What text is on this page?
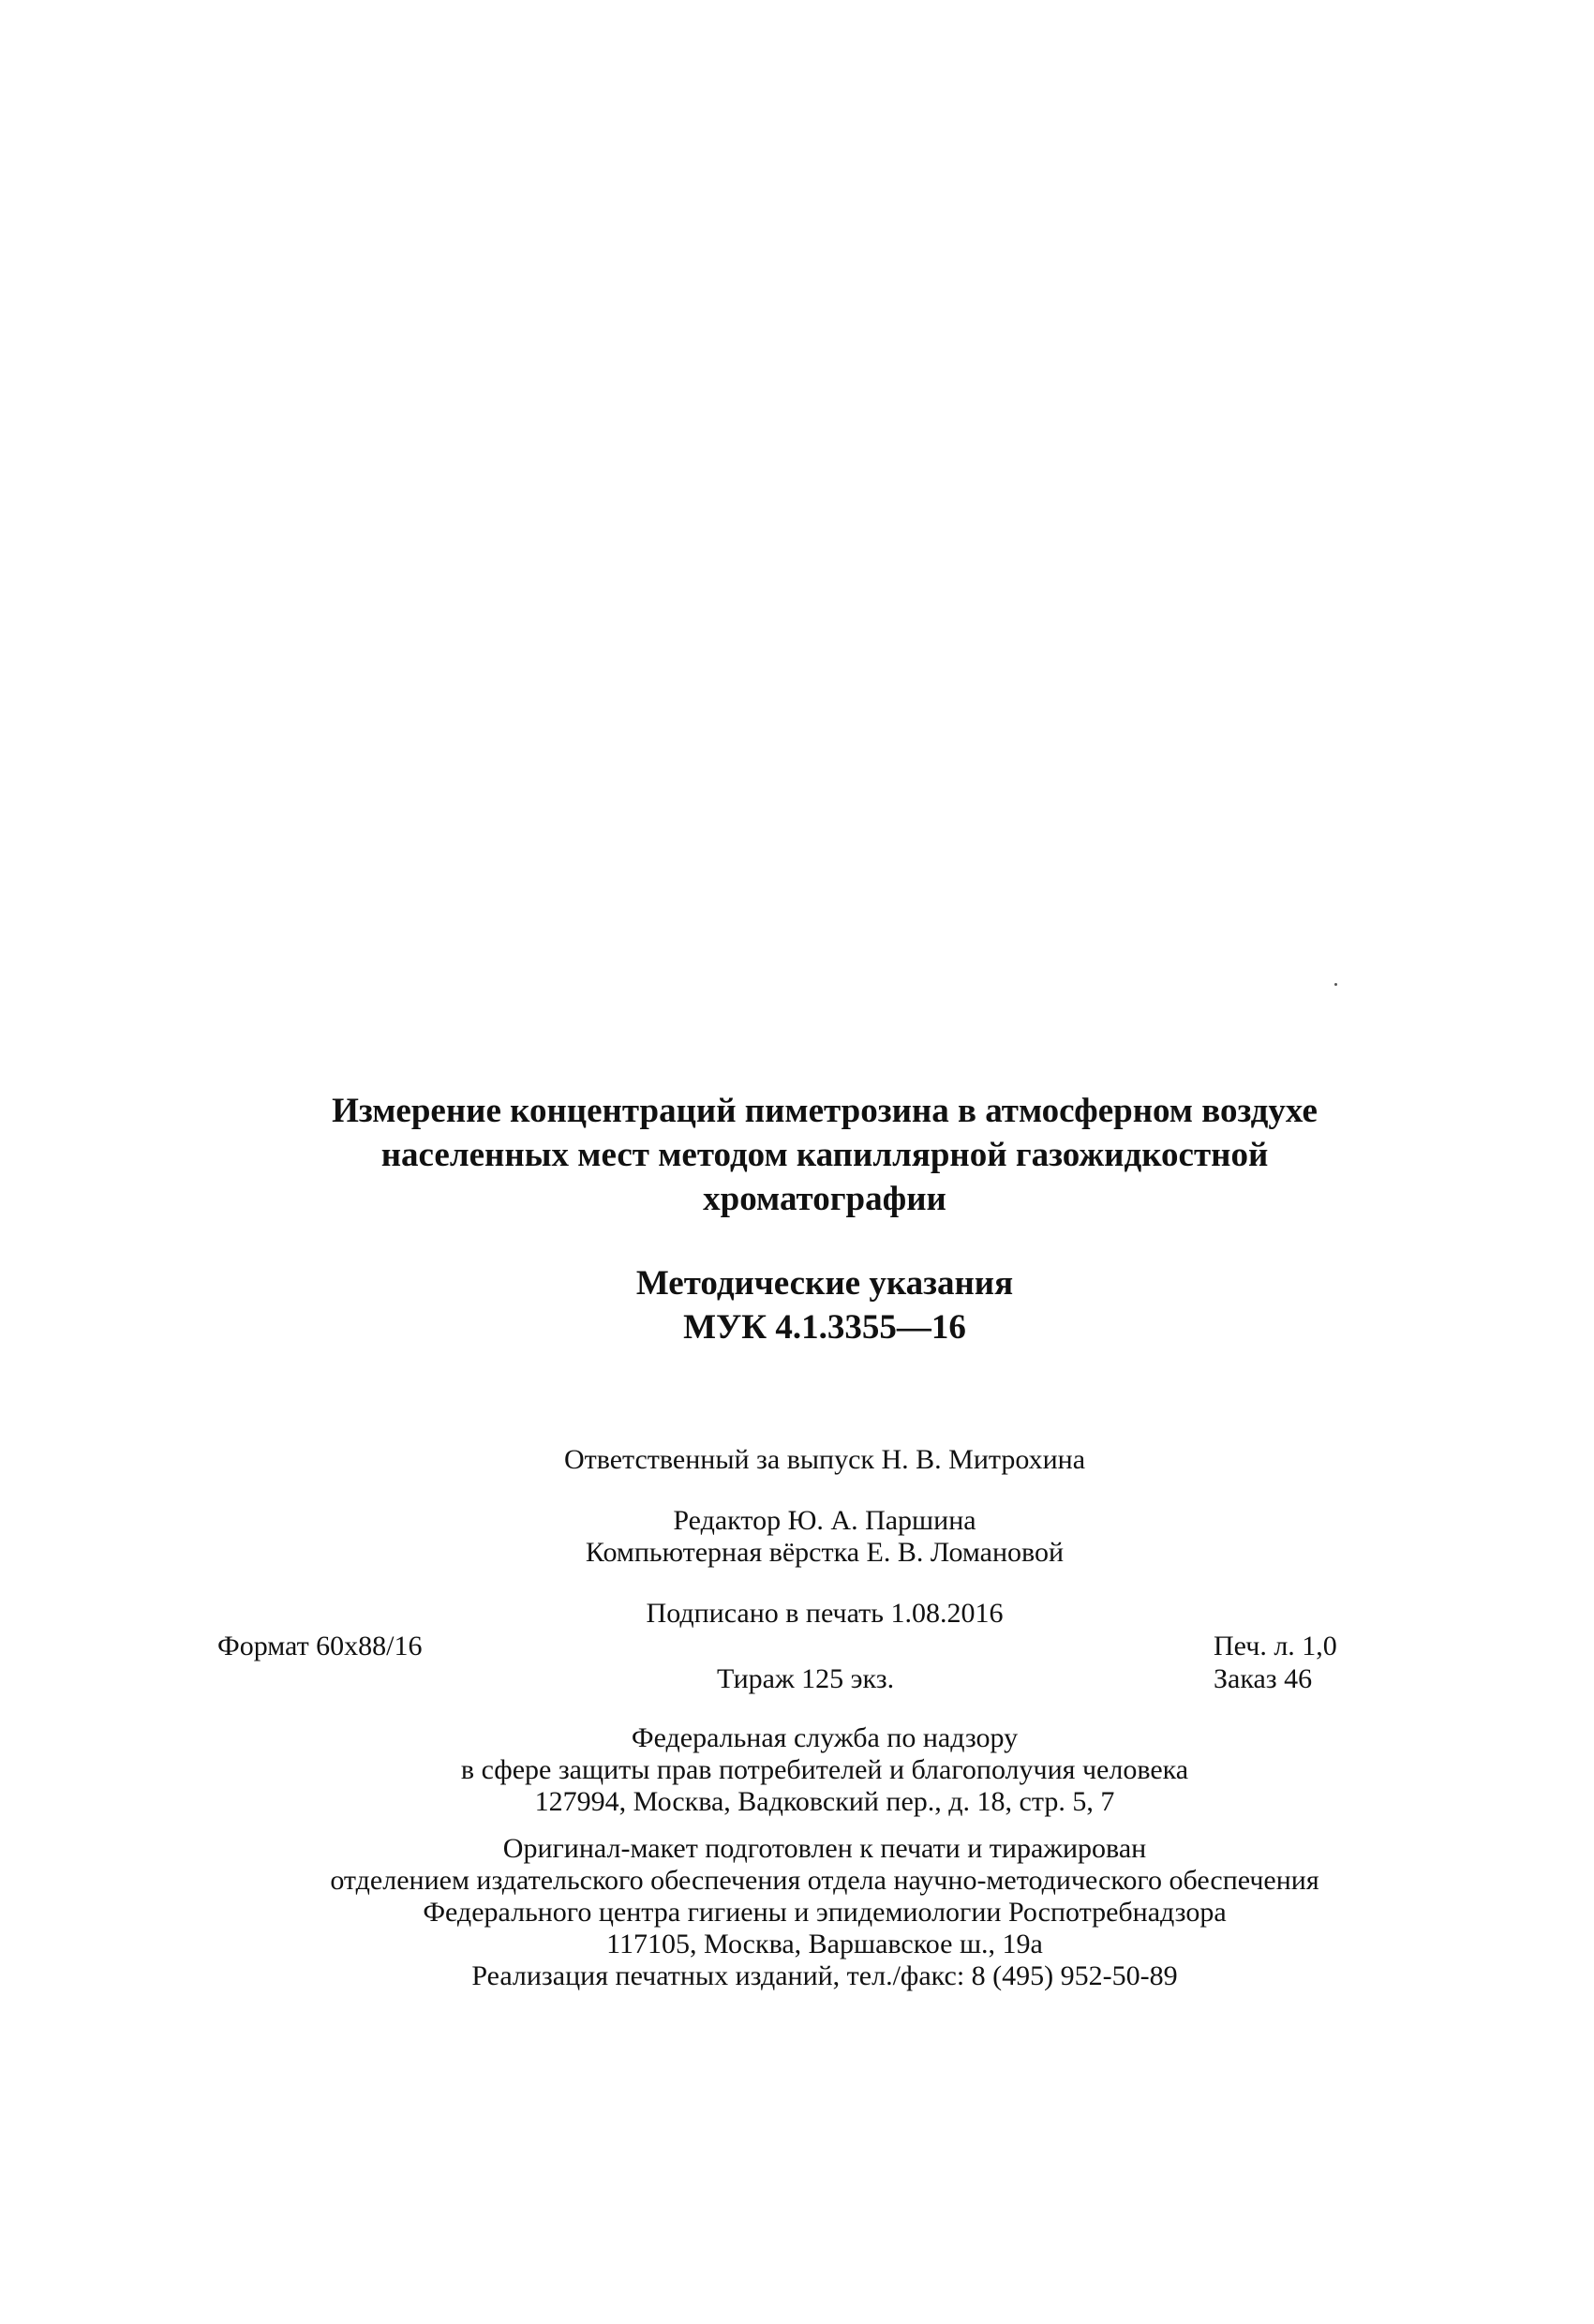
Измерение концентраций пиметрозина в атмосферном воздухе
населенных мест методом капиллярной газожидкостной
хроматографии
Методические указания
МУК 4.1.3355—16
Ответственный за выпуск Н. В. Митрохина
Редактор Ю. А. Паршина
Компьютерная вёрстка Е. В. Ломановой
Подписано в печать 1.08.2016
Формат 60x88/16	Печ. л. 1,0
Тираж 125 экз.	Заказ 46
Федеральная служба по надзору
в сфере защиты прав потребителей и благополучия человека
127994, Москва, Вадковский пер., д. 18, стр. 5, 7
Оригинал-макет подготовлен к печати и тиражирован
отделением издательского обеспечения отдела научно-методического обеспечения
Федерального центра гигиены и эпидемиологии Роспотребнадзора
117105, Москва, Варшавское ш., 19а
Реализация печатных изданий, тел./факс: 8 (495) 952-50-89
